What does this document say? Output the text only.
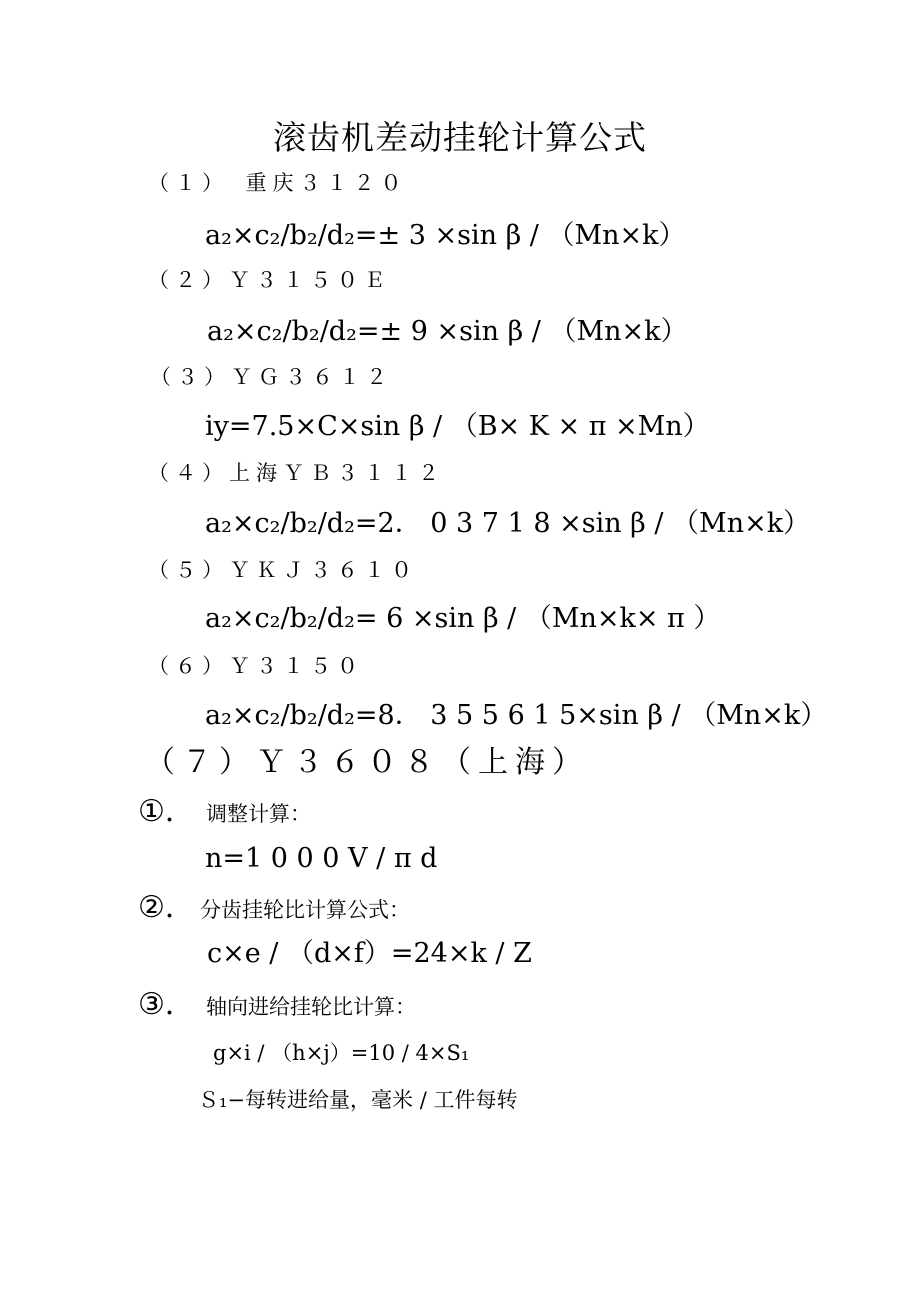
滚齿机差动挂轮计算公式
（１）　重庆３１２０
a₂×c₂/b₂/d₂=± 3 ×sin β / （Mn×k）
（２）Ｙ３１５０Ｅ
a₂×c₂/b₂/d₂=± 9 ×sin β / （Mn×k）
（３）ＹＧ３６１２
iy=7.5×C×sin β / （B× K × π ×Mn）
（４）上海ＹＢ３１１２
a₂×c₂/b₂/d₂=2． 0 3 7 1 8 ×sin β / （Mn×k）
（５）ＹＫＪ３６１０
a₂×c₂/b₂/d₂= 6 ×sin β / （Mn×k× π ）
（６）Ｙ３１５０
a₂×c₂/b₂/d₂=8． 3 5 5 6 1 5×sin β / （Mn×k）
（７）Ｙ３６０８（上海）
①． 调整计算：
n=1 0 0 0 V / π d
②． 分齿挂轮比计算公式：
c×e / （d×f）=24×k / Z
③． 轴向进给挂轮比计算：
g×i / （h×j）=10 / 4×S₁
Ｓ₁−每转进给量，毫米 / 工件每转
